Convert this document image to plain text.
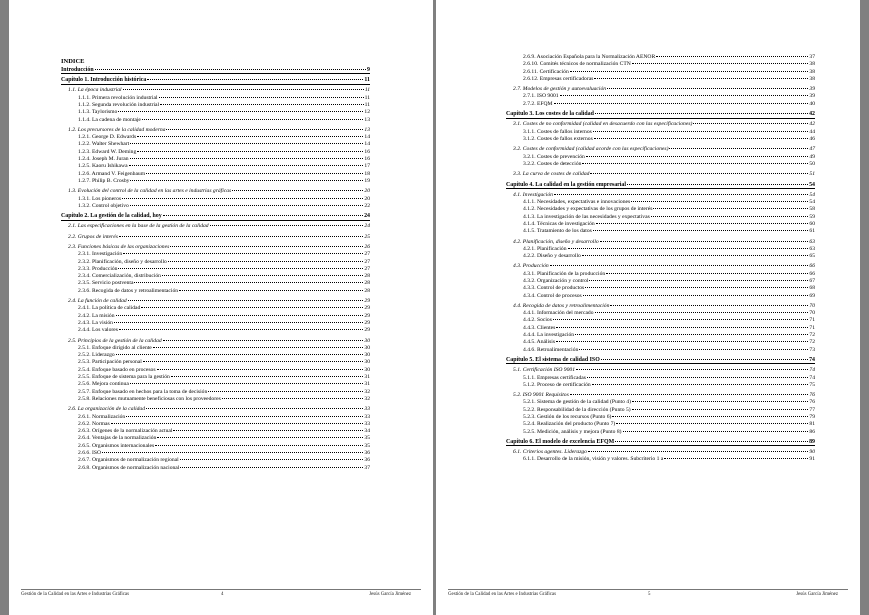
INDICE
Introducción	9
Capítulo 1. Introducción histórica	11
1.1. La época industrial	11
1.1.1. Primera revolución industrial	11
1.1.2. Segunda revolución industrial	11
1.1.3. Taylorismo	12
1.1.4. La cadena de montaje	13
1.2. Los precursores de la calidad moderna	13
1.2.1. George D. Edwards	14
1.2.2. Walter Shewhart	14
1.2.3. Edward W. Deming	16
1.2.4. Joseph M. Juran	16
1.2.5. Kaoru Ishikawa	17
1.2.6. Armand V. Feigenbaum	18
1.2.7. Philip B. Crosby	19
1.3. Evolución del control de la calidad en las artes e industrias gráficas	20
1.3.1. Los pioneros	20
1.3.2. Control objetivo	22
Capítulo 2. La gestión de la calidad, hoy	24
2.1. Las especificaciones en la base de la gestión de la calidad	24
2.2. Grupos de interés	25
2.3. Funciones básicas de las organizaciones	26
2.3.1. Investigación	27
2.3.2. Planificación, diseño y desarrollo	27
2.3.3. Producción	27
2.3.4. Comercialización, distribución	28
2.3.5. Servicio postventa	28
2.3.6. Recogida de datos y retroalimentación	28
2.4. La función de calidad	29
2.4.1. La política de calidad	29
2.4.2. La misión	29
2.4.3. La visión	29
2.4.4. Los valores	29
2.5. Principios de la gestión de la calidad	30
2.5.1. Enfoque dirigido al cliente	30
2.5.2. Liderazgo	30
2.5.3. Participación personal	30
2.5.4. Enfoque basado en procesos	30
2.5.5. Enfoque de sistema para la gestión	31
2.5.6. Mejora continua	31
2.5.7. Enfoque basado en hechos para la toma de decisión	32
2.5.8. Relaciones mutuamente beneficiosas con los proveedores	32
2.6. La organización de la calidad	33
2.6.1. Normalización	33
2.6.2. Normas	33
2.6.3. Orígenes de la normalización actual	34
2.6.4. Ventajas de la normalización	35
2.6.5. Organismos internacionales	35
2.6.6. ISO	36
2.6.7. Organismos de normalización regional	36
2.6.8. Organismos de normalización nacional	37
Gestión de la Calidad en las Artes e Industrias Gráficas	4	Jesús García Jiménez
2.6.9. Asociación Española para la Normalización AENOR	37
2.6.10. Comités técnicos de normalización CTN	38
2.6.11. Certificación	38
2.6.12. Empresas certificadoras	38
2.7. Modelos de gestión y autoevaluación	39
2.7.1. ISO 9001	39
2.7.2. EFQM	40
Capítulo 3. Los costes de la calidad	42
3.1. Costes de no conformidad (calidad en desacuerdo con las especificaciones)	42
3.1.1. Costes de fallos internos	44
3.1.2. Costes de fallos externos	46
3.2. Costes de conformidad (calidad acorde con las especificaciones)	47
3.2.1. Costes de prevención	49
3.2.2. Costes de detección	50
3.3. La curva de costes de calidad	51
Capítulo 4. La calidad en la gestión empresarial	54
4.1. Investigación	54
4.1.1. Necesidades, expectativas e innovaciones	54
4.1.2. Necesidades y expectativas de los grupos de interés	58
4.1.3. La investigación de las necesidades y expectativas	59
4.1.4. Técnicas de investigación	60
4.1.5. Tratamiento de los datos	61
4.2. Planificación, diseño y desarrollo	63
4.2.1. Planificación	63
4.2.2. Diseño y desarrollo	65
4.3. Producción	66
4.3.1. Planificación de la producción	66
4.3.2. Organización y control	67
4.3.3. Control de productos	68
4.3.4. Control de procesos	69
4.4. Recogida de datos y retroalimentación	70
4.4.1. Información del mercado	70
4.4.2. Socios	71
4.4.3. Clientes	71
4.4.4. La investigación	72
4.4.5. Análisis	72
4.4.6. Retroalimentación	73
Capítulo 5. El sistema de calidad ISO	74
5.1. Certificación ISO 9001	74
5.1.1. Empresas certificadas	74
5.1.2. Proceso de certificación	75
5.2. ISO 9001 Requisitos	76
5.2.1. Sistema de gestión de la calidad (Punto 4)	76
5.2.2. Responsabilidad de la dirección (Punto 5)	77
5.2.3. Gestión de los recursos (Punto 6)	79
5.2.4. Realización del producto (Punto 7)	81
5.2.5. Medición, análisis y mejora (Punto 8)	86
Capítulo 6. El modelo de excelencia EFQM	89
6.1. Criterios agentes. Liderazgo	90
6.1.1. Desarrollo de la misión, visión y valores. Subcriterio 1 a	91
Gestión de la Calidad en las Artes e Industrias Gráficas	5	Jesús García Jiménez
